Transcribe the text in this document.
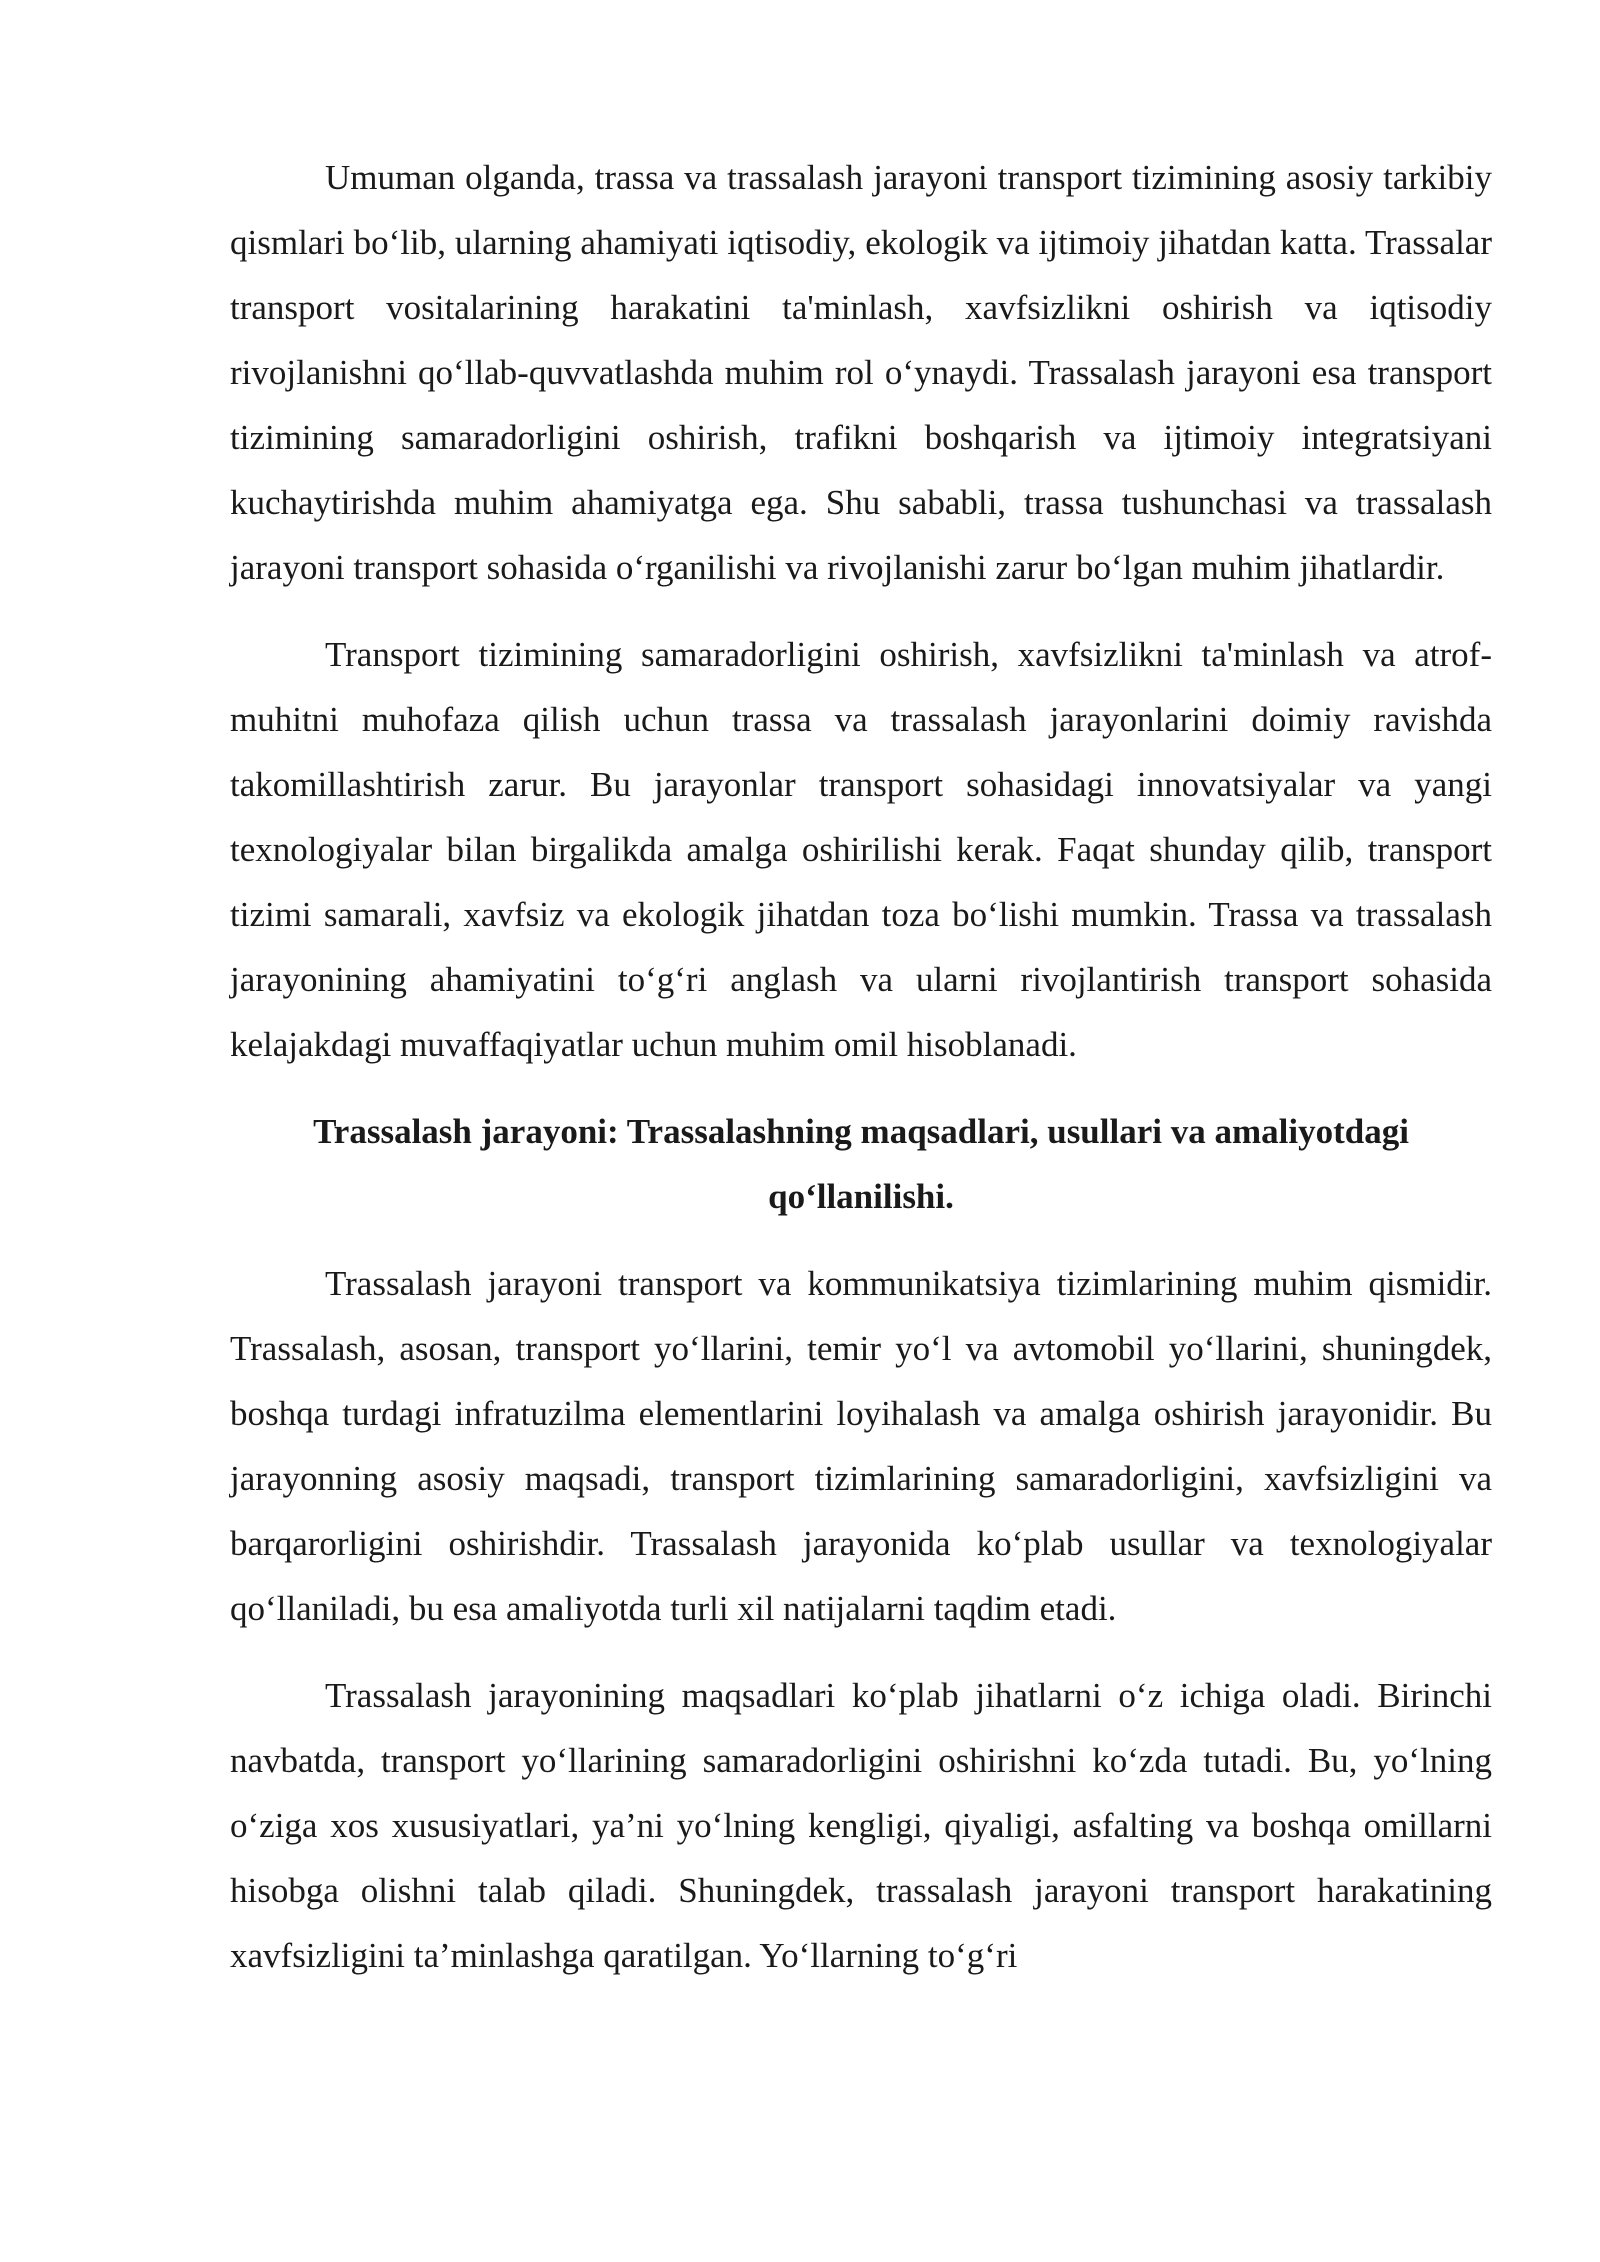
Umuman olganda, trassa va trassalash jarayoni transport tizimining asosiy tarkibiy qismlari bo‘lib, ularning ahamiyati iqtisodiy, ekologik va ijtimoiy jihatdan katta. Trassalar transport vositalarining harakatini ta'minlash, xavfsizlikni oshirish va iqtisodiy rivojlanishni qo‘llab-quvvatlashda muhim rol o‘ynaydi. Trassalash jarayoni esa transport tizimining samaradorligini oshirish, trafikni boshqarish va ijtimoiy integratsiyani kuchaytirishda muhim ahamiyatga ega. Shu sababli, trassa tushunchasi va trassalash jarayoni transport sohasida o‘rganilishi va rivojlanishi zarur bo‘lgan muhim jihatlardir.

Transport tizimining samaradorligini oshirish, xavfsizlikni ta'minlash va atrof-muhitni muhofaza qilish uchun trassa va trassalash jarayonlarini doimiy ravishda takomillashtirish zarur. Bu jarayonlar transport sohasidagi innovatsiyalar va yangi texnologiyalar bilan birgalikda amalga oshirilishi kerak. Faqat shunday qilib, transport tizimi samarali, xavfsiz va ekologik jihatdan toza bo‘lishi mumkin. Trassa va trassalash jarayonining ahamiyatini to‘g‘ri anglash va ularni rivojlantirish transport sohasida kelajakdagi muvaffaqiyatlar uchun muhim omil hisoblanadi.

Trassalash jarayoni: Trassalashning maqsadlari, usullari va amaliyotdagi qo‘llanilishi.

Trassalash jarayoni transport va kommunikatsiya tizimlarining muhim qismidir. Trassalash, asosan, transport yo‘llarini, temir yo‘l va avtomobil yo‘llarini, shuningdek, boshqa turdagi infratuzilma elementlarini loyihalash va amalga oshirish jarayonidir. Bu jarayonning asosiy maqsadi, transport tizimlarining samaradorligini, xavfsizligini va barqarorligini oshirishdir. Trassalash jarayonida ko‘plab usullar va texnologiyalar qo‘llaniladi, bu esa amaliyotda turli xil natijalarni taqdim etadi.

Trassalash jarayonining maqsadlari ko‘plab jihatlarni o‘z ichiga oladi. Birinchi navbatda, transport yo‘llarining samaradorligini oshirishni ko‘zda tutadi. Bu, yo‘lning o‘ziga xos xususiyatlari, ya’ni yo‘lning kengligi, qiyaligi, asfalting va boshqa omillarni hisobga olishni talab qiladi. Shuningdek, trassalash jarayoni transport harakatining xavfsizligini ta’minlashga qaratilgan. Yo‘llarning to‘g‘ri
